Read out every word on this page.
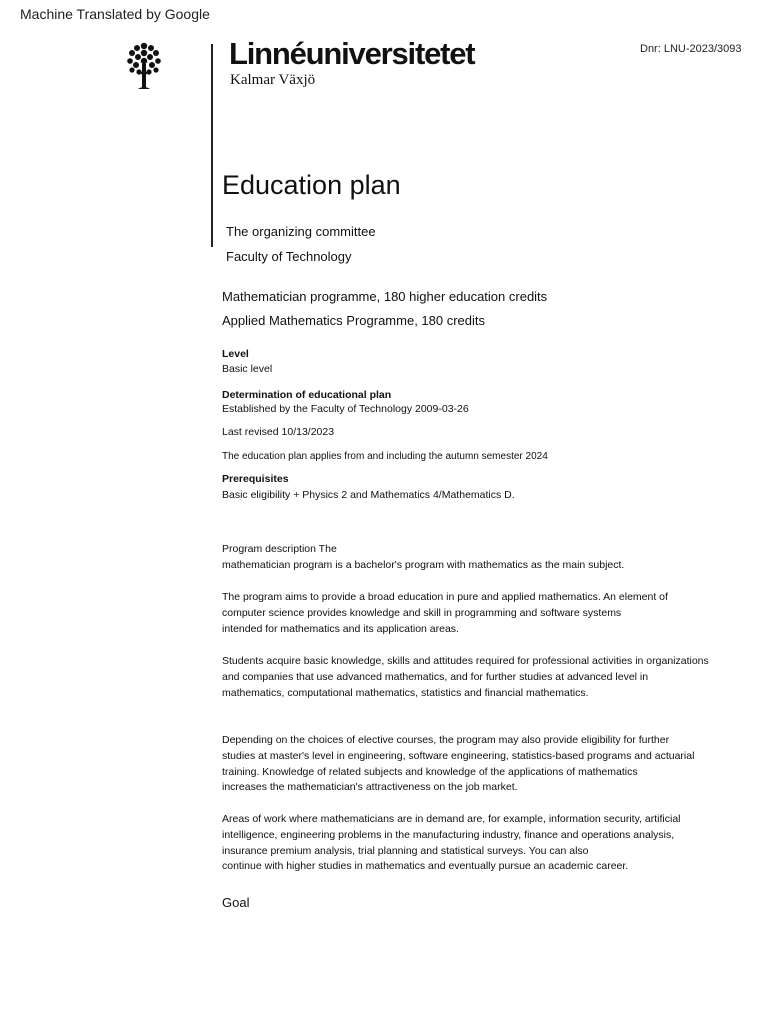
Machine Translated by Google
Dnr: LNU-2023/3093
Linnéuniversitetet
Kalmar Växjö
Education plan
The organizing committee
Faculty of Technology
Mathematician programme, 180 higher education credits
Applied Mathematics Programme, 180 credits
Level
Basic level
Determination of educational plan
Established by the Faculty of Technology 2009-03-26
Last revised 10/13/2023
The education plan applies from and including the autumn semester 2024
Prerequisites
Basic eligibility + Physics 2 and Mathematics 4/Mathematics D.

Program description The
mathematician program is a bachelor's program with mathematics as the main subject.

The program aims to provide a broad education in pure and applied mathematics. An element of
computer science provides knowledge and skill in programming and software systems
intended for mathematics and its application areas.

Students acquire basic knowledge, skills and attitudes required for professional activities in organizations
and companies that use advanced mathematics, and for further studies at advanced level in
mathematics, computational mathematics, statistics and financial mathematics.

Depending on the choices of elective courses, the program may also provide eligibility for further
studies at master's level in engineering, software engineering, statistics-based programs and actuarial
training. Knowledge of related subjects and knowledge of the applications of mathematics
increases the mathematician's attractiveness on the job market.

Areas of work where mathematicians are in demand are, for example, information security, artificial
intelligence, engineering problems in the manufacturing industry, finance and operations analysis,
insurance premium analysis, trial planning and statistical surveys. You can also
continue with higher studies in mathematics and eventually pursue an academic career.

Goal
